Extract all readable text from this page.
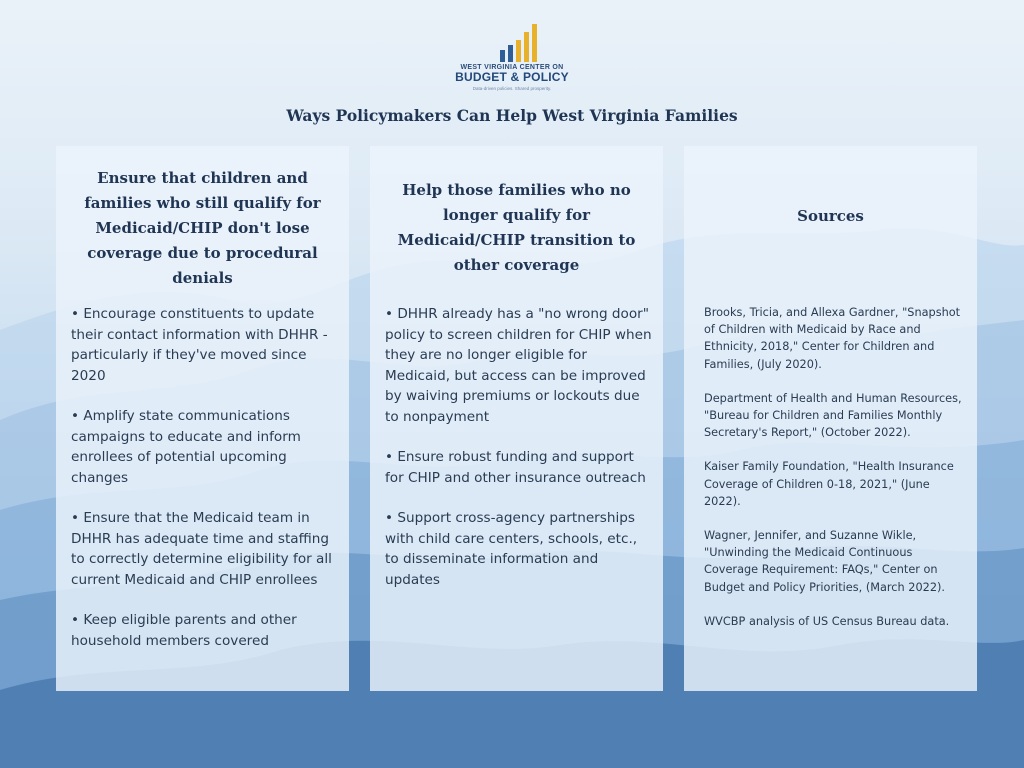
WEST VIRGINIA CENTER ON
BUDGET & POLICY
Data-driven policies. Shared prosperity.
Ways Policymakers Can Help West Virginia Families
Ensure that children and families who still qualify for Medicaid/CHIP don't lose coverage due to procedural denials
• Encourage constituents to update their contact information with DHHR - particularly if they've moved since 2020
• Amplify state communications campaigns to educate and inform enrollees of potential upcoming changes
• Ensure that the Medicaid team in DHHR has adequate time and staffing to correctly determine eligibility for all current Medicaid and CHIP enrollees
• Keep eligible parents and other household members covered
Help those families who no longer qualify for Medicaid/CHIP transition to other coverage
• DHHR already has a "no wrong door" policy to screen children for CHIP when they are no longer eligible for Medicaid, but access can be improved by waiving premiums or lockouts due to nonpayment
• Ensure robust funding and support for CHIP and other insurance outreach
• Support cross-agency partnerships with child care centers, schools, etc., to disseminate information and updates
Sources
Brooks, Tricia, and Allexa Gardner, "Snapshot of Children with Medicaid by Race and Ethnicity, 2018," Center for Children and Families, (July 2020).
Department of Health and Human Resources, "Bureau for Children and Families Monthly Secretary's Report," (October 2022).
Kaiser Family Foundation, "Health Insurance Coverage of Children 0-18, 2021," (June 2022).
Wagner, Jennifer, and Suzanne Wikle, "Unwinding the Medicaid Continuous Coverage Requirement: FAQs," Center on Budget and Policy Priorities, (March 2022).
WVCBP analysis of US Census Bureau data.
